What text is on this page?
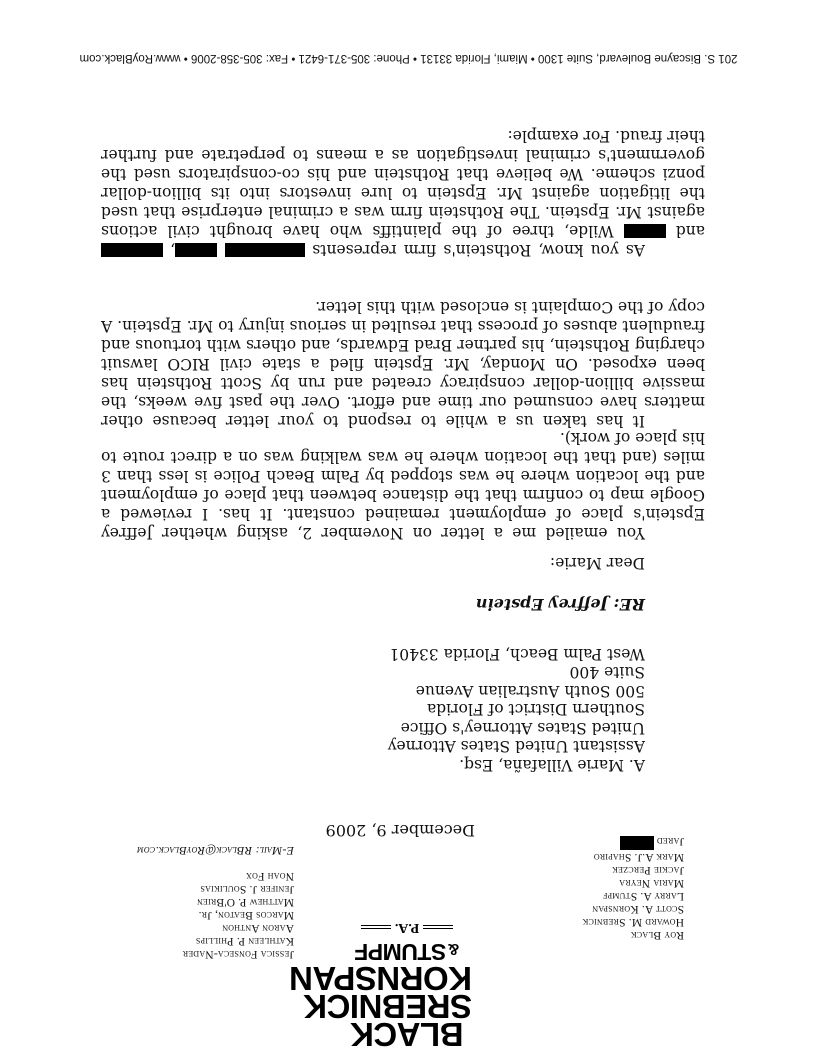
Roy Black
Howard M. Srebnick
Scott A. Kornspan
Larry A. Stumpf
Maria Neyra
Jackie Perczek
Mark A.J. Shapiro
Jared
BLACK
SREBNICK
KORNSPAN
&STUMPF
P.A.
Jessica Fonseca-Nader
Kathleen P. Phillips
Aaron Anthon
Marcos Beaton, Jr.
Matthew P. O'Brien
Jenifer J. Soulikias
Noah Fox
E-Mail: RBlack@RoyBlack.com
December 9, 2009
A. Marie Villafaña, Esq.
Assistant United States Attorney
United States Attorney's Office
Southern District of Florida
500 South Australian Avenue
Suite 400
West Palm Beach, Florida 33401
RE: Jeffrey Epstein
Dear Marie:

You emailed me a letter on November 2, asking whether Jeffrey Epstein's place of employment remained constant. It has. I reviewed a Google map to confirm that the distance between that place of employment and the location where he was stopped by Palm Beach Police is less than 3 miles (and that the location where he was walking was on a direct route to his place of work).

It has taken us a while to respond to your letter because other matters have consumed our time and effort. Over the past five weeks, the massive billion-dollar conspiracy created and run by Scott Rothstein has been exposed. On Monday, Mr. Epstein filed a state civil RICO lawsuit charging Rothstein, his partner Brad Edwards, and others with tortuous and fraudulent abuses of process that resulted in serious injury to Mr. Epstein. A copy of the Complaint is enclosed with this letter.

As you know, Rothstein's firm represents ,  and  Wilde, three of the plaintiffs who have brought civil actions against Mr. Epstein. The Rothstein firm was a criminal enterprise that used the litigation against Mr. Epstein to lure investors into its billion-dollar ponzi scheme. We believe that Rothstein and his co-conspirators used the government's criminal investigation as a means to perpetrate and further their fraud. For example:

201 S. Biscayne Boulevard, Suite 1300 • Miami, Florida 33131 • Phone: 305-371-6421 • Fax: 305-358-2006 • www.RoyBlack.com
